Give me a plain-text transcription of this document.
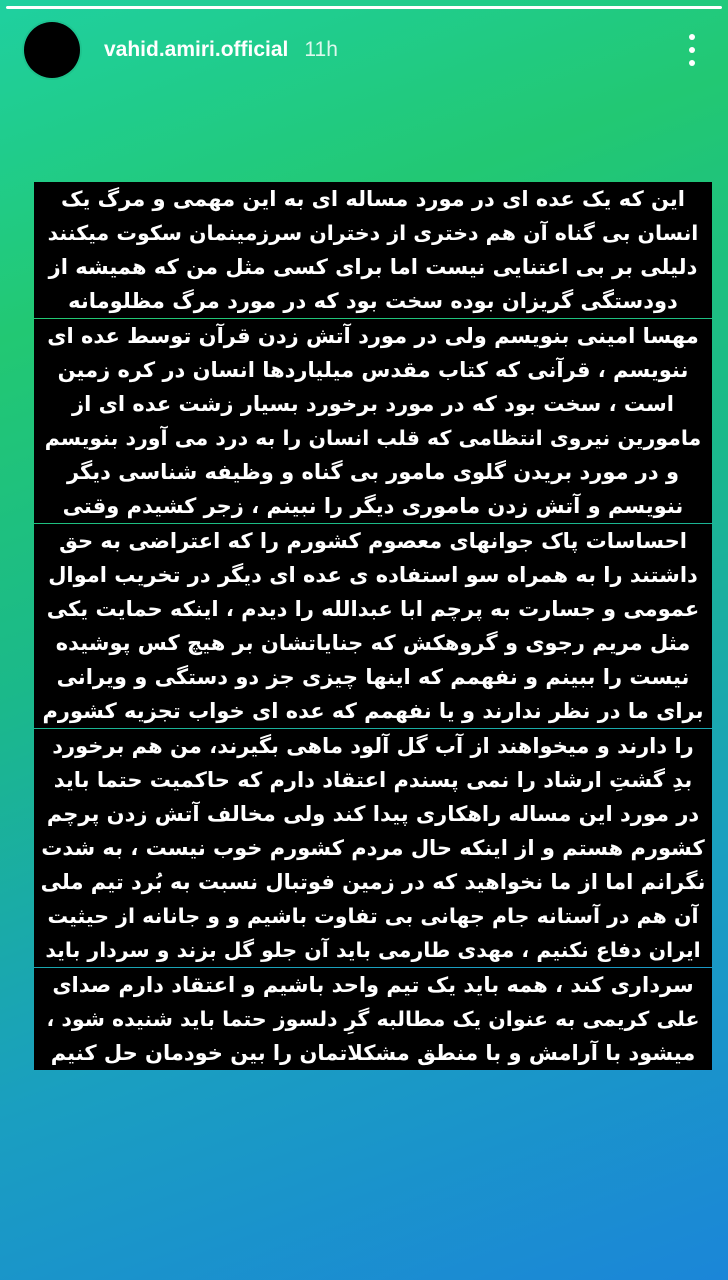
vahid.amiri.official 11h
این که یک عده ای در مورد مساله ای به این مهمی و مرگ یک
انسان بی گناه آن هم دختری از دختران سرزمینمان سکوت میکنند
دلیلی بر بی اعتنایی نیست اما برای کسی مثل من که همیشه از
دودستگی گریزان بوده سخت بود که در مورد مرگ مظلومانه
مهسا امینی بنویسم ولی در مورد آتش زدن قرآن توسط عده ای
ننویسم ، قرآنی که کتاب مقدس میلیاردها انسان در کره زمین
است ، سخت بود که در مورد برخورد بسیار زشت عده ای از
مامورین نیروی انتظامی که قلب انسان را به درد می آورد بنویسم
و در مورد بریدن گلوی مامور بی گناه و وظیفه شناسی دیگر
ننویسم و آتش زدن ماموری دیگر را نبینم ، زجر کشیدم وقتی
احساسات پاک جوانهای معصوم کشورم را که اعتراضی به حق
داشتند را به همراه سو استفاده ی عده ای دیگر در تخریب اموال
عمومی و جسارت به پرچم ابا عبدالله را دیدم ، اینکه حمایت یکی
مثل مریم رجوی و گروهکش که جنایاتشان بر هیچ کس پوشیده
نیست را ببینم و نفهمم که اینها چیزی جز دو دستگی و ویرانی
برای ما در نظر ندارند و یا نفهمم که عده ای خواب تجزیه کشورم
را دارند و میخواهند از آب گل آلود ماهی بگیرند، من هم برخورد
بدِ گشتِ ارشاد را نمی پسندم اعتقاد دارم که حاکمیت حتما باید
در مورد این مساله راهکاری پیدا کند ولی مخالف آتش زدن پرچم
کشورم هستم و از اینکه حال مردم کشورم خوب نیست ، به شدت
نگرانم اما از ما نخواهید که در زمین فوتبال نسبت به بُرد تیم ملی
آن هم در آستانه جام جهانی بی تفاوت باشیم و و جانانه از حیثیت
ایران دفاع نکنیم ، مهدی طارمی باید آن جلو گل بزند و سردار باید
سرداری کند ، همه باید یک تیم واحد باشیم و اعتقاد دارم صدای
علی کریمی به عنوان یک مطالبه گرِ دلسوز حتما باید شنیده شود ،
میشود با آرامش و با منطق مشکلاتمان را بین خودمان حل کنیم
